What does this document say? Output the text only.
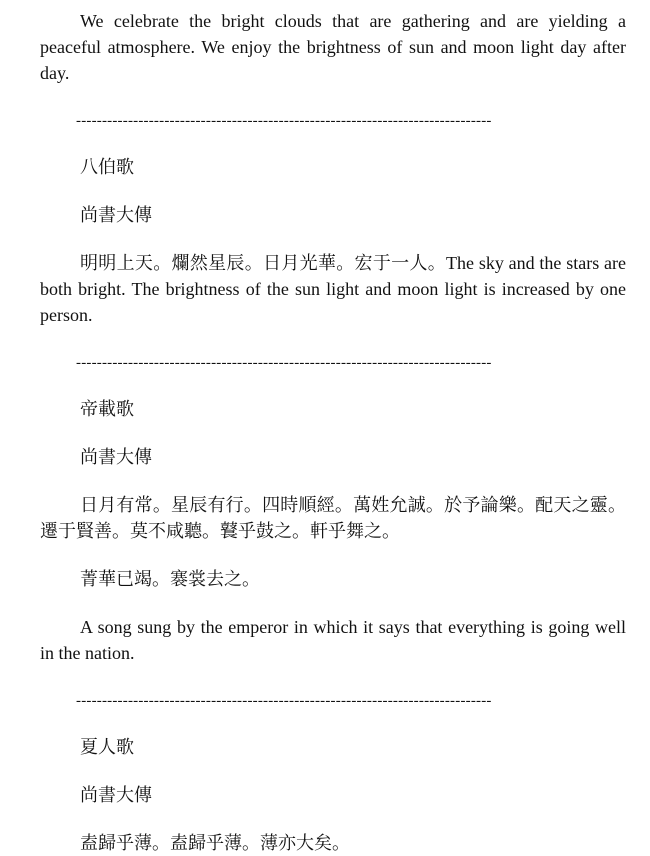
We celebrate the bright clouds that are gathering and are yielding a peaceful atmosphere. We enjoy the brightness of sun and moon light day after day.

--------------------------------------------------------------------------------

八伯歌

尚書大傳

明明上天。爛然星辰。日月光華。宏于一人。The sky and the stars are both bright. The brightness of the sun light and moon light is increased by one person.

--------------------------------------------------------------------------------

帝載歌

尚書大傳

日月有常。星辰有行。四時順經。萬姓允誠。於予論樂。配天之靈。遷于賢善。莫不咸聽。鼚乎鼓之。軒乎舞之。

菁華已竭。褰裳去之。

A song sung by the emperor in which it says that everything is going well in the nation.

--------------------------------------------------------------------------------

夏人歌

尚書大傳

盍歸乎薄。盍歸乎薄。薄亦大矣。
